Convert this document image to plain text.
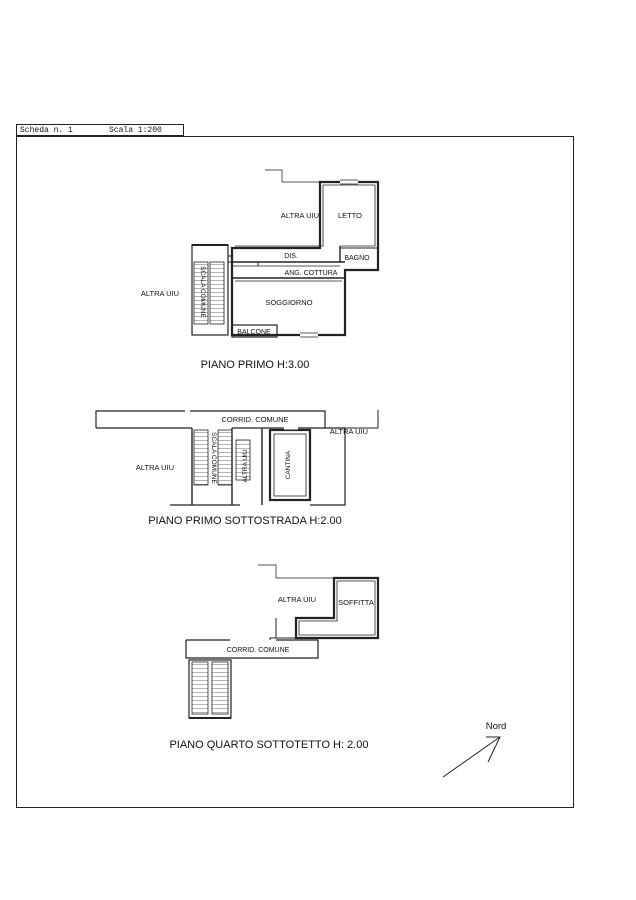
Scheda n. 1	Scala 1:200
ALTRA UIU	LETTO
DIS.	BAGNO
ANG. COTTURA
SOGGIORNO
BALCONE
SCALA COMUNE
ALTRA UIU
PIANO PRIMO H:3.00
CORRID. COMUNE
ALTRA UIU
ALTRA UIU	SCALA COMUNE	ALTRA UIU	CANTINA
PIANO PRIMO SOTTOSTRADA H:2.00
ALTRA UIU	SOFFITTA
CORRID. COMUNE
PIANO QUARTO SOTTOTETTO H: 2.00
Nord
